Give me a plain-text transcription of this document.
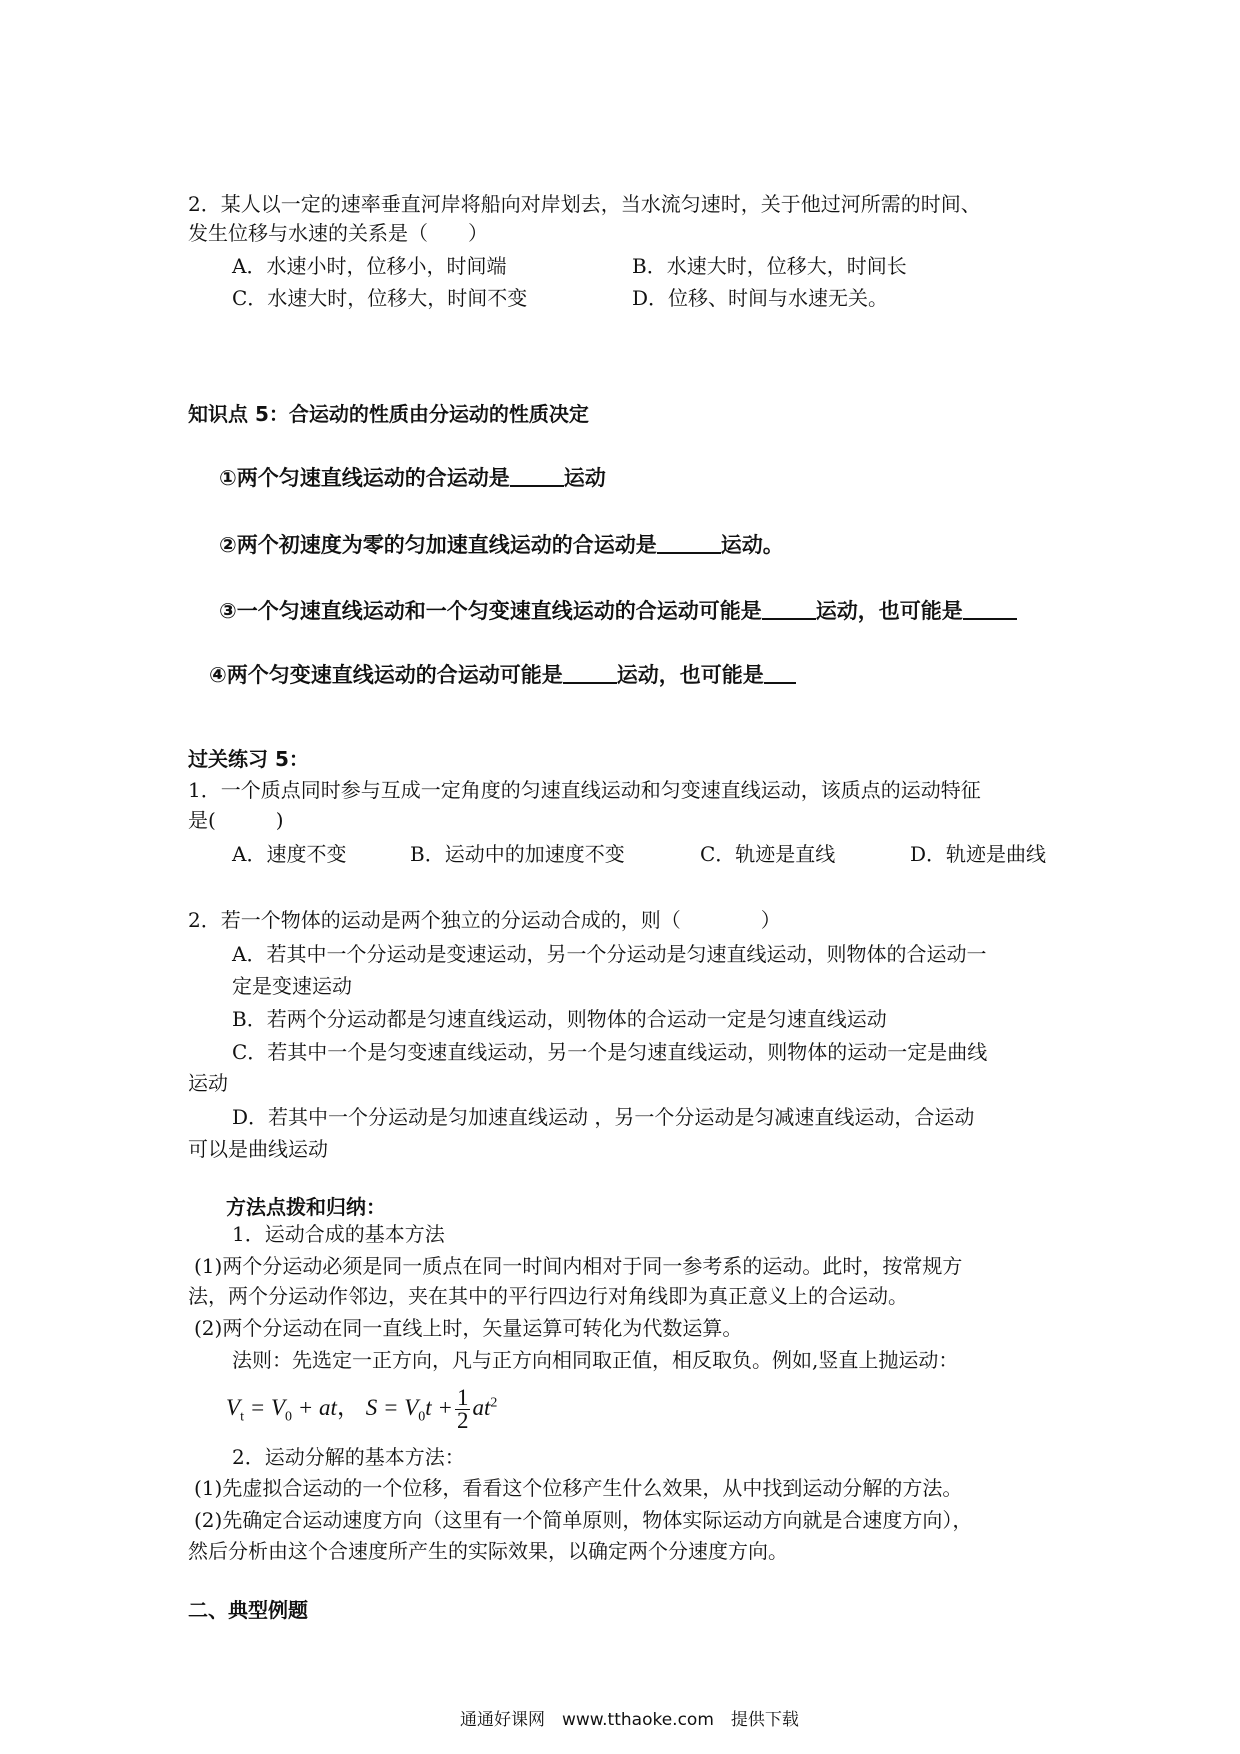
2．某人以一定的速率垂直河岸将船向对岸划去，当水流匀速时，关于他过河所需的时间、
发生位移与水速的关系是（　　）
A．水速小时，位移小，时间端	B．水速大时，位移大，时间长
C．水速大时，位移大，时间不变	D．位移、时间与水速无关。
知识点 5：合运动的性质由分运动的性质决定
①两个匀速直线运动的合运动是	运动
②两个初速度为零的匀加速直线运动的合运动是	运动。
③一个匀速直线运动和一个匀变速直线运动的合运动可能是	运动，也可能是
④两个匀变速直线运动的合运动可能是	运动，也可能是
过关练习 5：
1．一个质点同时参与互成一定角度的匀速直线运动和匀变速直线运动，该质点的运动特征
是(　　　)
A．速度不变	B．运动中的加速度不变	C．轨迹是直线	D．轨迹是曲线
2．若一个物体的运动是两个独立的分运动合成的，则（　　　　）
A．若其中一个分运动是变速运动，另一个分运动是匀速直线运动，则物体的合运动一
定是变速运动
B．若两个分运动都是匀速直线运动，则物体的合运动一定是匀速直线运动
C．若其中一个是匀变速直线运动，另一个是匀速直线运动，则物体的运动一定是曲线
运动
D．若其中一个分运动是匀加速直线运动 ，另一个分运动是匀减速直线运动，合运动
可以是曲线运动
方法点拨和归纳：
1．运动合成的基本方法
(1)两个分运动必须是同一质点在同一时间内相对于同一参考系的运动。此时，按常规方
法，两个分运动作邻边，夹在其中的平行四边行对角线即为真正意义上的合运动。
(2)两个分运动在同一直线上时，矢量运算可转化为代数运算。
法则：先选定一正方向，凡与正方向相同取正值，相反取负。例如,竖直上抛运动：
$V_t = V_0$ + at， $S = V_0t + \frac{1}{2} at^2$
2．运动分解的基本方法：
(1)先虚拟合运动的一个位移，看看这个位移产生什么效果，从中找到运动分解的方法。
(2)先确定合运动速度方向（这里有一个简单原则，物体实际运动方向就是合速度方向），
然后分析由这个合速度所产生的实际效果，以确定两个分速度方向。
二、典型例题
通通好课网　www.tthaoke.com　提供下载
